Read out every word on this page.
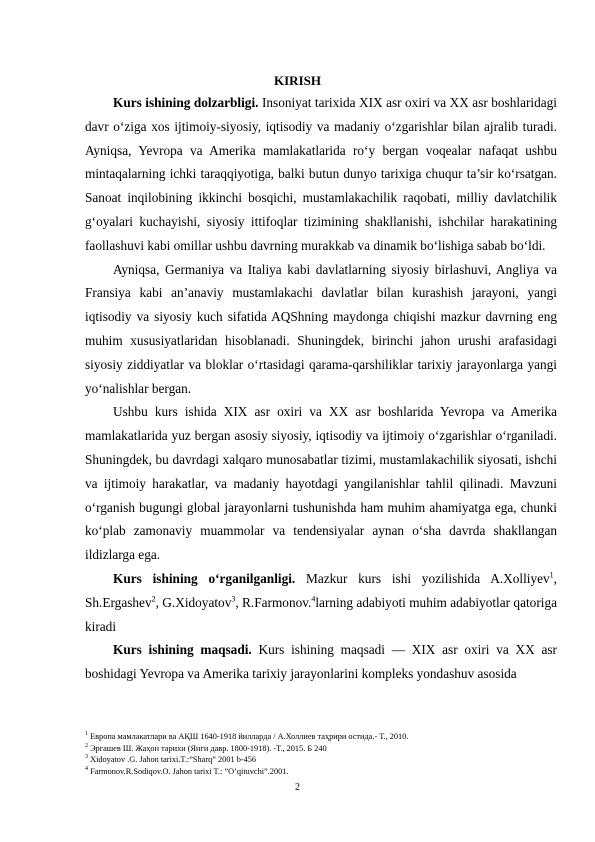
KIRISH

Kurs ishining dolzarbligi. Insoniyat tarixida XIX asr oxiri va XX asr boshlaridagi davr o‘ziga xos ijtimoiy-siyosiy, iqtisodiy va madaniy o‘zgarishlar bilan ajralib turadi. Ayniqsa, Yevropa va Amerika mamlakatlarida ro‘y bergan voqealar nafaqat ushbu mintaqalarning ichki taraqqiyotiga, balki butun dunyo tarixiga chuqur ta’sir ko‘rsatgan. Sanoat inqilobining ikkinchi bosqichi, mustamlakachilik raqobati, milliy davlatchilik g‘oyalari kuchayishi, siyosiy ittifoqlar tizimining shakllanishi, ishchilar harakatining faollashuvi kabi omillar ushbu davrning murakkab va dinamik bo‘lishiga sabab bo‘ldi.

Ayniqsa, Germaniya va Italiya kabi davlatlarning siyosiy birlashuvi, Angliya va Fransiya kabi an’anaviy mustamlakachi davlatlar bilan kurashish jarayoni, yangi iqtisodiy va siyosiy kuch sifatida AQShning maydonga chiqishi mazkur davrning eng muhim xususiyatlaridan hisoblanadi. Shuningdek, birinchi jahon urushi arafasidagi siyosiy ziddiyatlar va bloklar o‘rtasidagi qarama-qarshiliklar tarixiy jarayonlarga yangi yo‘nalishlar bergan.

Ushbu kurs ishida XIX asr oxiri va XX asr boshlarida Yevropa va Amerika mamlakatlarida yuz bergan asosiy siyosiy, iqtisodiy va ijtimoiy o‘zgarishlar o‘rganiladi. Shuningdek, bu davrdagi xalqaro munosabatlar tizimi, mustamlakachilik siyosati, ishchi va ijtimoiy harakatlar, va madaniy hayotdagi yangilanishlar tahlil qilinadi. Mavzuni o‘rganish bugungi global jarayonlarni tushunishda ham muhim ahamiyatga ega, chunki ko‘plab zamonaviy muammolar va tendensiyalar aynan o‘sha davrda shakllangan ildizlarga ega.

Kurs ishining o‘rganilganligi. Mazkur kurs ishi yozilishida A.Xolliyev$^1$, Sh.Ergashev$^2$, G.Xidoyatov$^3$, R.Farmonov.$^4$larning adabiyoti muhim adabiyotlar qatoriga kiradi

Kurs ishining maqsadi. Kurs ishining maqsadi — XIX asr oxiri va XX asr boshidagi Yevropa va Amerika tarixiy jarayonlarini kompleks yondashuv asosida

$^1$ Европа мамлакатлари ва АҚШ 1640-1918 йилларда / А.Холлиев таҳрири остида.- Т., 2010.
$^2$ Эргашев Ш. Жаҳон тарихи (Янги давр. 1800-1918). -Т., 2015. Б 240
$^3$ Xidoyatov .G. Jahon tarixi.T.:”Sharq” 2001 b-456
$^4$ Farmonov.R.Sodiqov.O. Jahon tarixi T.: ”O’qituvchi”.2001.
2
